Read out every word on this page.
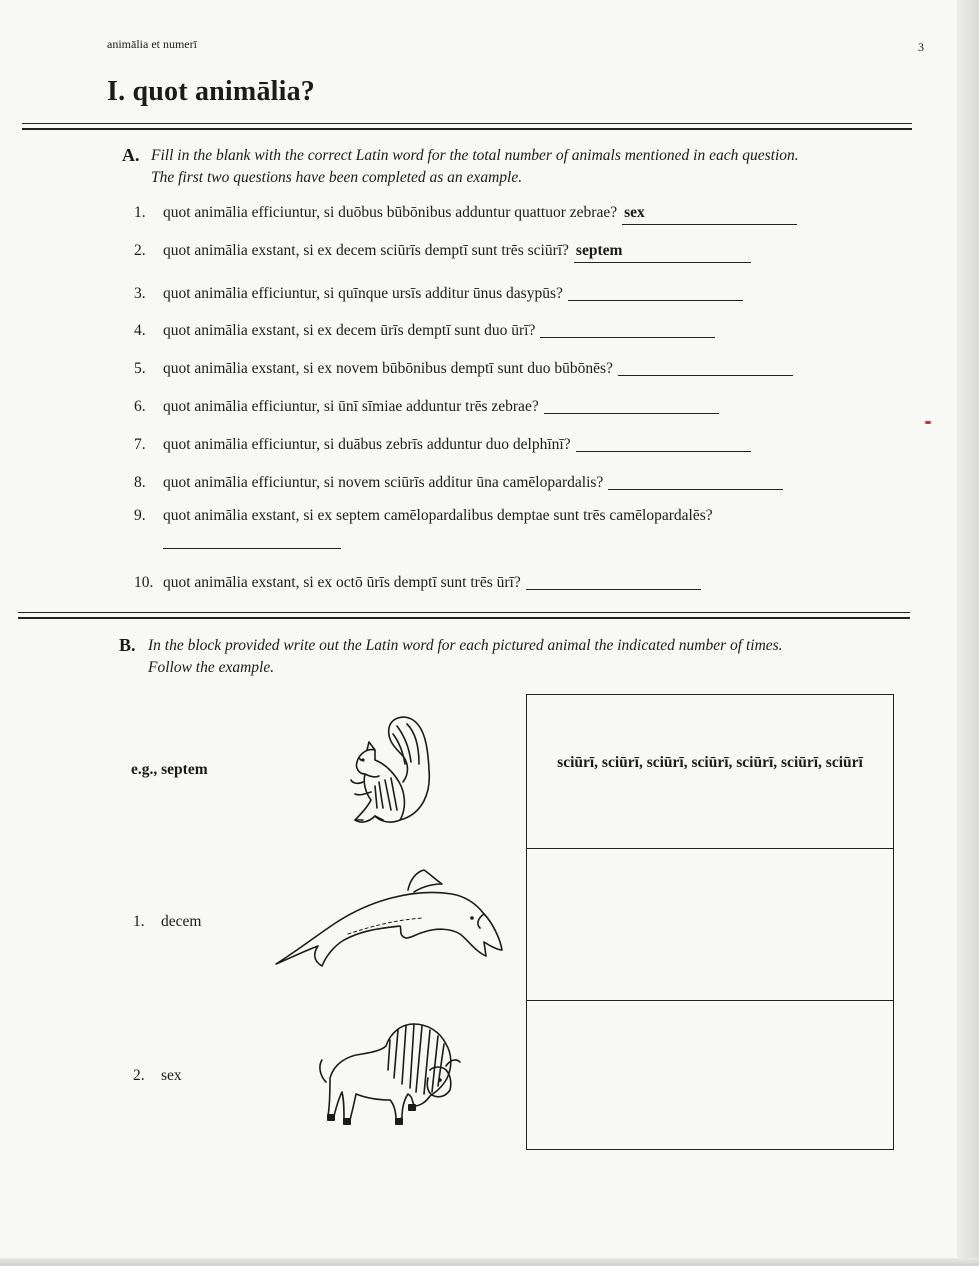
animālia et numerī	3
I. quot animālia?
A. Fill in the blank with the correct Latin word for the total number of animals mentioned in each question.
The first two questions have been completed as an example.
1. quot animālia efficiuntur, si duōbus būbōnibus adduntur quattuor zebrae? sex
2. quot animālia exstant, si ex decem sciūrīs demptī sunt trēs sciūrī? septem
3. quot animālia efficiuntur, si quīnque ursīs additur ūnus dasypūs?
4. quot animālia exstant, si ex decem ūrīs demptī sunt duo ūrī?
5. quot animālia exstant, si ex novem būbōnibus demptī sunt duo būbōnēs?
6. quot animālia efficiuntur, si ūnī sīmiae adduntur trēs zebrae?
7. quot animālia efficiuntur, si duābus zebrīs adduntur duo delphīnī?
8. quot animālia efficiuntur, si novem sciūrīs additur ūna camēlopardalis?
9. quot animālia exstant, si ex septem camēlopardalibus demptae sunt trēs camēlopardalēs?
10. quot animālia exstant, si ex octō ūrīs demptī sunt trēs ūrī?
B. In the block provided write out the Latin word for each pictured animal the indicated number of times.
Follow the example.
e.g., septem
1. decem
2. sex
sciūrī, sciūrī, sciūrī, sciūrī, sciūrī, sciūrī, sciūrī
